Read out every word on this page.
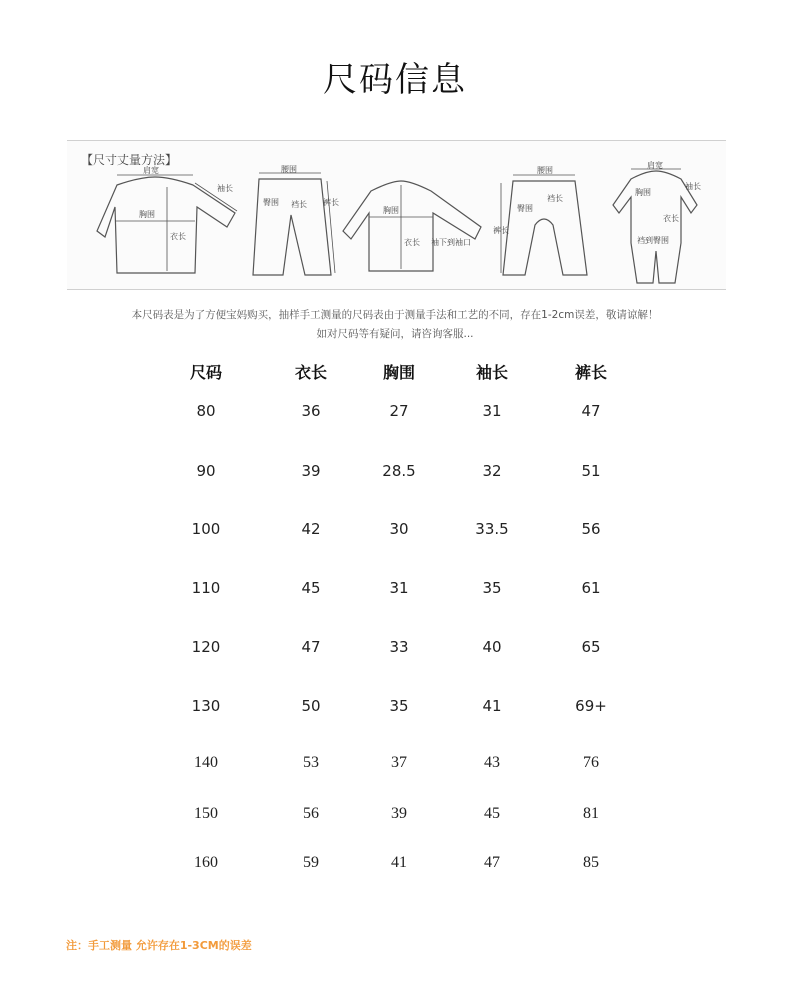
尺码信息
【尺寸丈量方法】
肩宽
胸围
衣长
袖长
腰围
臀围 裆长 裤长
胸围
衣长 袖下到袖口
腰围
臀围
裆长
裤长
肩宽
胸围
衣长
裆到臀围
袖长
本尺码表是为了方便宝妈购买，抽样手工测量的尺码表由于测量手法和工艺的不同，存在1-2cm误差，敬请谅解！
如对尺码等有疑问，请咨询客服...
尺码	衣长	胸围	袖长	裤长
80	36	27	31	47
90	39	28.5	32	51
100	42	30	33.5	56
110	45	31	35	61
120	47	33	40	65
130	50	35	41	69+
140	53	37	43	76
150	56	39	45	81
160	59	41	47	85
注：手工测量 允许存在1-3CM的误差
